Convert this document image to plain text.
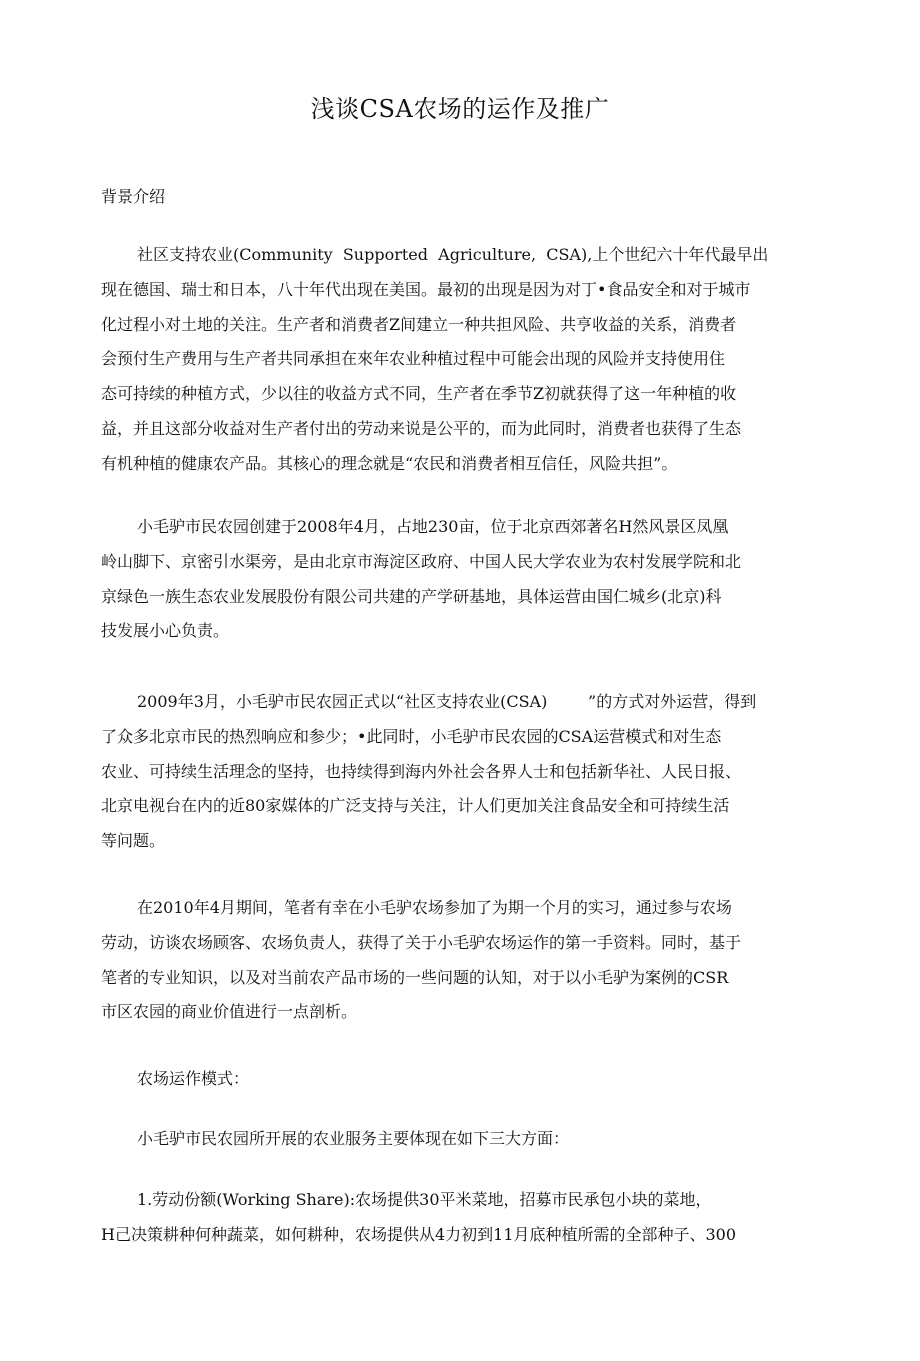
浅谈CSA农场的运作及推广

背景介绍

社区支持农业(Community  Supported  Agriculture,  CSA),上个世纪六十年代最早出
现在德国、瑞士和日本，八十年代出现在美国。最初的出现是因为对丁•食品安全和对于城市
化过程小对土地的关注。生产者和消费者Z间建立一种共担风险、共亨收益的关系，消费者
会预付生产费用与生产者共同承担在來年农业种植过程中可能会出现的风险并支持使用住
态可持续的种植方式，少以往的收益方式不同，生产者在季节Z初就获得了这一年种植的收
益，并且这部分收益对生产者付出的劳动来说是公平的，而为此同时，消费者也获得了生态
有机种植的健康农产品。其核心的理念就是“农民和消费者相互信任，风险共担”。

小毛驴市民农园创建于2008年4月，占地230亩，位于北京西郊著名H然风景区凤凰
岭山脚下、京密引水渠旁，是由北京市海淀区政府、中国人民大学农业为农村发展学院和北
京绿色一族生态农业发展股份有限公司共建的产学研基地，具体运营由国仁城乡(北京)科
技发展小心负责。

2009年3月，小毛驴市民农园正式以“社区支持农业(CSA)        ”的方式对外运营，得到
了众多北京市民的热烈响应和参少；•此同时，小毛驴市民农园的CSA运营模式和对生态
农业、可持续生活理念的坚持，也持续得到海内外社会各界人士和包括新华社、人民日报、
北京电视台在内的近80家媒体的广泛支持与关注，计人们更加关注食品安全和可持续生活
等问题。

在2010年4月期间，笔者有幸在小毛驴农场参加了为期一个月的实习，通过参与农场
劳动，访谈农场顾客、农场负责人，获得了关于小毛驴农场运作的第一手资料。同时，基于
笔者的专业知识，以及对当前农产品市场的一些问题的认知，对于以小毛驴为案例的CSR
市区农园的商业价值进行一点剖析。

农场运作模式：

小毛驴市民农园所开展的农业服务主要体现在如下三大方面：

1.劳动份额(Working Share):农场提供30平米菜地，招募市民承包小块的菜地，
H己决策耕种何种蔬菜，如何耕种，农场提供从4力初到11月底种植所需的全部种子、300
